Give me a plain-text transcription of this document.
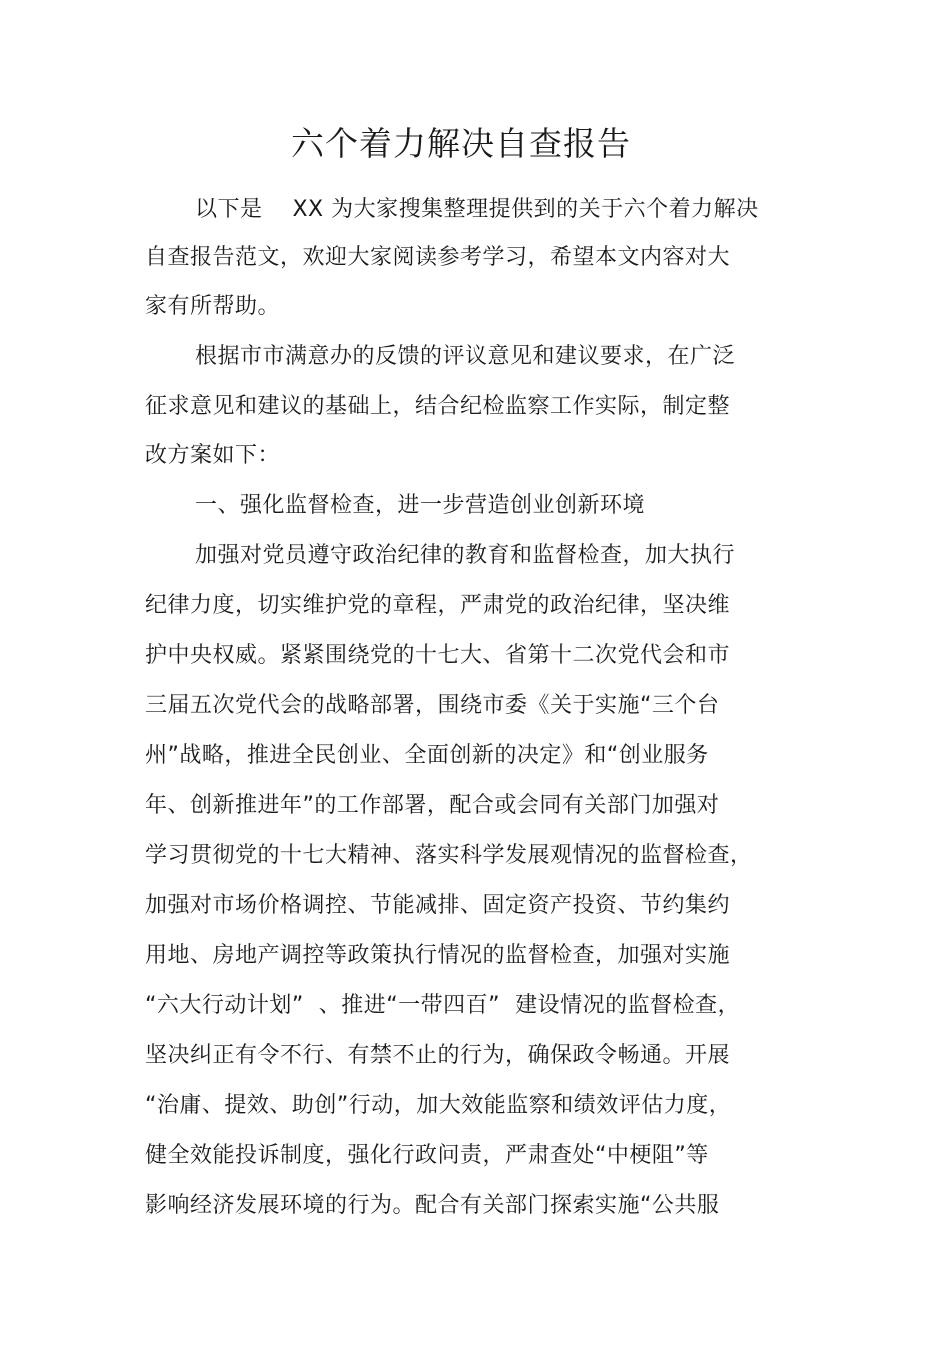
六个着力解决自查报告
以下是    XX 为大家搜集整理提供到的关于六个着力解决
自查报告范文，欢迎大家阅读参考学习，希望本文内容对大
家有所帮助。
根据市市满意办的反馈的评议意见和建议要求，在广泛
征求意见和建议的基础上，结合纪检监察工作实际，制定整
改方案如下：
一、强化监督检查，进一步营造创业创新环境
加强对党员遵守政治纪律的教育和监督检查，加大执行
纪律力度，切实维护党的章程，严肃党的政治纪律，坚决维
护中央权威。紧紧围绕党的十七大、省第十二次党代会和市
三届五次党代会的战略部署，围绕市委《关于实施“三个台
州”战略，推进全民创业、全面创新的决定》和“创业服务
年、创新推进年”的工作部署，配合或会同有关部门加强对
学习贯彻党的十七大精神、落实科学发展观情况的监督检查，
加强对市场价格调控、节能减排、固定资产投资、节约集约
用地、房地产调控等政策执行情况的监督检查，加强对实施
“六大行动计划”  、推进“一带四百”  建设情况的监督检查，
坚决纠正有令不行、有禁不止的行为，确保政令畅通。开展
“治庸、提效、助创”行动，加大效能监察和绩效评估力度，
健全效能投诉制度，强化行政问责，严肃查处“中梗阻”等
影响经济发展环境的行为。配合有关部门探索实施“公共服
